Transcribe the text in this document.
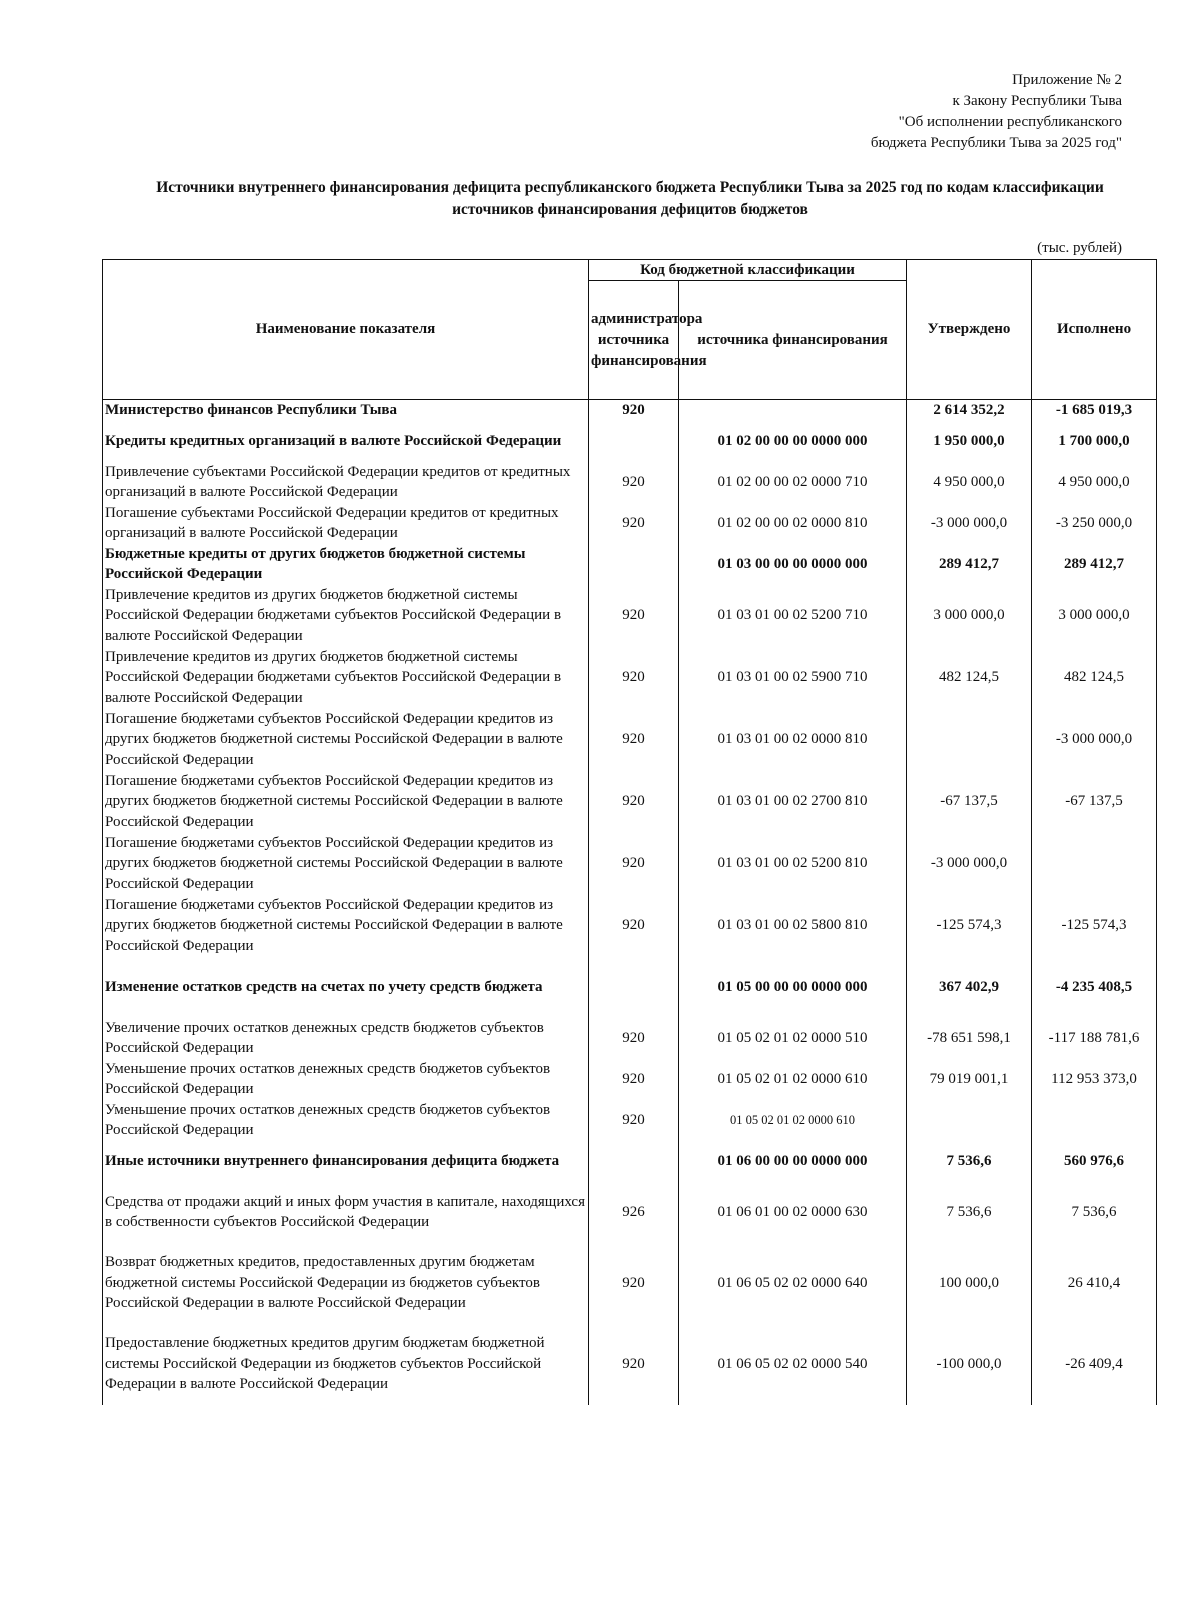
Приложение № 2
к Закону Республики Тыва
"Об исполнении республиканского
бюджета Республики Тыва за 2025 год"
Источники внутреннего финансирования дефицита республиканского бюджета Республики Тыва за 2025 год по кодам классификации
источников финансирования дефицитов бюджетов
(тыс. рублей)
Наименование показателя	Код бюджетной классификации		Утверждено	Исполнено
	администратора источника финансирования	источника финансирования		
Министерство финансов Республики Тыва	920		2 614 352,2	-1 685 019,3
Кредиты кредитных организаций в валюте Российской Федерации		01 02 00 00 00 0000 000	1 950 000,0	1 700 000,0
Привлечение субъектами Российской Федерации кредитов от кредитных организаций в валюте Российской Федерации	920	01 02 00 00 02 0000 710	4 950 000,0	4 950 000,0
Погашение субъектами Российской Федерации кредитов от кредитных организаций в валюте Российской Федерации	920	01 02 00 00 02 0000 810	-3 000 000,0	-3 250 000,0
Бюджетные кредиты от других бюджетов бюджетной системы Российской Федерации		01 03 00 00 00 0000 000	289 412,7	289 412,7
Привлечение кредитов из других бюджетов бюджетной системы Российской Федерации бюджетами субъектов Российской Федерации в валюте Российской Федерации	920	01 03 01 00 02 5200 710	3 000 000,0	3 000 000,0
Привлечение кредитов из других бюджетов бюджетной системы Российской Федерации бюджетами субъектов Российской Федерации в валюте Российской Федерации	920	01 03 01 00 02 5900 710	482 124,5	482 124,5
Погашение бюджетами субъектов Российской Федерации кредитов из других бюджетов бюджетной системы Российской Федерации в валюте Российской Федерации	920	01 03 01 00 02 0000 810		-3 000 000,0
Погашение бюджетами субъектов Российской Федерации кредитов из других бюджетов бюджетной системы Российской Федерации в валюте Российской Федерации	920	01 03 01 00 02 2700 810	-67 137,5	-67 137,5
Погашение бюджетами субъектов Российской Федерации кредитов из других бюджетов бюджетной системы Российской Федерации в валюте Российской Федерации	920	01 03 01 00 02 5200 810	-3 000 000,0	
Погашение бюджетами субъектов Российской Федерации кредитов из других бюджетов бюджетной системы Российской Федерации в валюте Российской Федерации	920	01 03 01 00 02 5800 810	-125 574,3	-125 574,3
Изменение остатков средств на счетах по учету средств бюджета		01 05 00 00 00 0000 000	367 402,9	-4 235 408,5
Увеличение прочих остатков денежных средств бюджетов субъектов Российской Федерации	920	01 05 02 01 02 0000 510	-78 651 598,1	-117 188 781,6
Уменьшение прочих остатков денежных средств бюджетов субъектов Российской Федерации	920	01 05 02 01 02 0000 610	79 019 001,1	112 953 373,0
Уменьшение прочих остатков денежных средств бюджетов субъектов Российской Федерации	920	01 05 02 01 02 0000 610		
Иные источники внутреннего финансирования дефицита бюджета		01 06 00 00 00 0000 000	7 536,6	560 976,6
Средства от продажи акций и иных форм участия в капитале, находящихся в собственности субъектов Российской Федерации	926	01 06 01 00 02 0000 630	7 536,6	7 536,6
Возврат бюджетных кредитов, предоставленных другим бюджетам бюджетной системы Российской Федерации из бюджетов субъектов Российской Федерации в валюте Российской Федерации	920	01 06 05 02 02 0000 640	100 000,0	26 410,4
Предоставление бюджетных кредитов другим бюджетам бюджетной системы Российской Федерации из бюджетов субъектов Российской Федерации в валюте Российской Федерации	920	01 06 05 02 02 0000 540	-100 000,0	-26 409,4
